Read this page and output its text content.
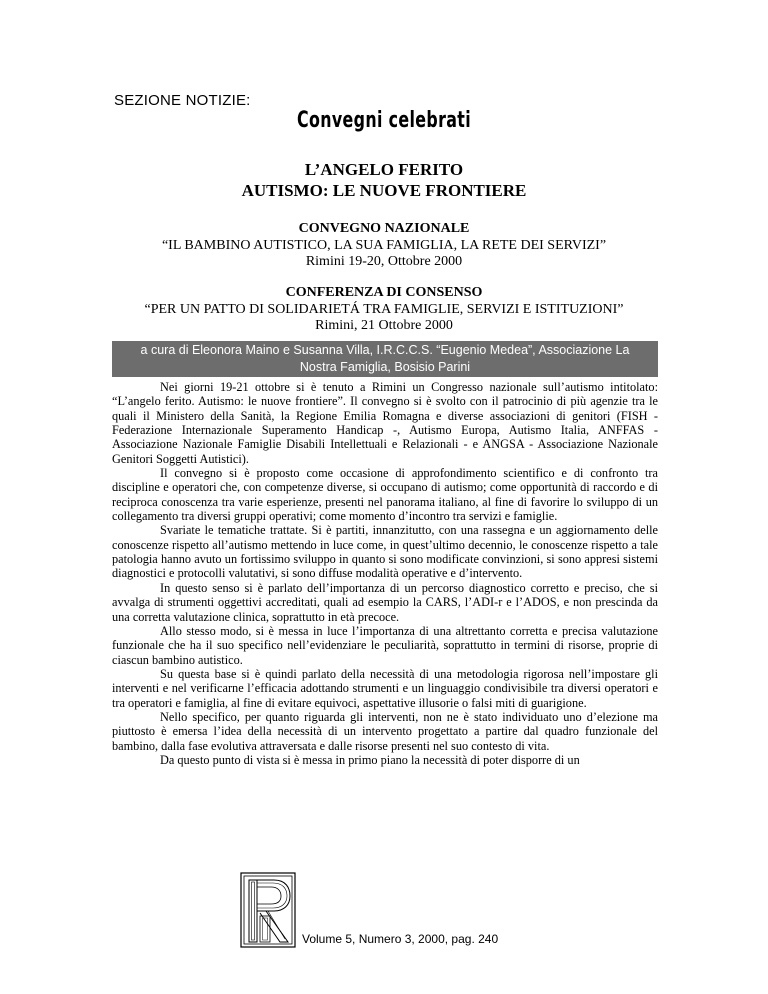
SEZIONE NOTIZIE:
Convegni celebrati
L’ANGELO FERITO
AUTISMO: LE NUOVE FRONTIERE
CONVEGNO NAZIONALE
“IL BAMBINO AUTISTICO, LA SUA FAMIGLIA, LA RETE DEI SERVIZI”
Rimini 19-20, Ottobre 2000
CONFERENZA DI CONSENSO
“PER UN PATTO DI SOLIDARIETÁ TRA FAMIGLIE, SERVIZI E ISTITUZIONI”
Rimini, 21 Ottobre 2000
a cura di Eleonora Maino e Susanna Villa, I.R.C.C.S. “Eugenio Medea”, Associazione La
Nostra Famiglia, Bosisio Parini

Nei giorni 19-21 ottobre si è tenuto a Rimini un Congresso nazionale sull’autismo intitolato: “L’angelo ferito. Autismo: le nuove frontiere”. Il convegno si è svolto con il patrocinio di più agenzie tra le quali il Ministero della Sanità, la Regione Emilia Romagna e diverse associazioni di genitori (FISH -Federazione Internazionale Superamento Handicap -, Autismo Europa, Autismo Italia, ANFFAS - Associazione Nazionale Famiglie Disabili Intellettuali e Relazionali - e ANGSA - Associazione Nazionale Genitori Soggetti Autistici).

Il convegno si è proposto come occasione di approfondimento scientifico e di confronto tra discipline e operatori che, con competenze diverse, si occupano di autismo; come opportunità di raccordo e di reciproca conoscenza tra varie esperienze, presenti nel panorama italiano, al fine di favorire lo sviluppo di un collegamento tra diversi gruppi operativi; come momento d’incontro tra servizi e famiglie.

Svariate le tematiche trattate. Si è partiti, innanzitutto, con una rassegna e un aggiornamento delle conoscenze rispetto all’autismo mettendo in luce come, in quest’ultimo decennio, le conoscenze rispetto a tale patologia hanno avuto un fortissimo sviluppo in quanto si sono modificate convinzioni, si sono appresi sistemi diagnostici e protocolli valutativi, si sono diffuse modalità operative e d’intervento.

In questo senso si è parlato dell’importanza di un percorso diagnostico corretto e preciso, che si avvalga di strumenti oggettivi accreditati, quali ad esempio la CARS, l’ADI-r e l’ADOS, e non prescinda da una corretta valutazione clinica, soprattutto in età precoce.

Allo stesso modo, si è messa in luce l’importanza di una altrettanto corretta e precisa valutazione funzionale che ha il suo specifico nell’evidenziare le peculiarità, soprattutto in termini di risorse, proprie di ciascun bambino autistico.

Su questa base si è quindi parlato della necessità di una metodologia rigorosa nell’impostare gli interventi e nel verificarne l’efficacia adottando strumenti e un linguaggio condivisibile tra diversi operatori e tra operatori e famiglia, al fine di evitare equivoci, aspettative illusorie o falsi miti di guarigione.

Nello specifico, per quanto riguarda gli interventi, non ne è stato individuato uno d’elezione ma piuttosto è emersa l’idea della necessità di un intervento progettato a partire dal quadro funzionale del bambino, dalla fase evolutiva attraversata e dalle risorse presenti nel suo contesto di vita.

Da questo punto di vista si è messa in primo piano la necessità di poter disporre di un

Volume 5, Numero 3, 2000, pag. 240
